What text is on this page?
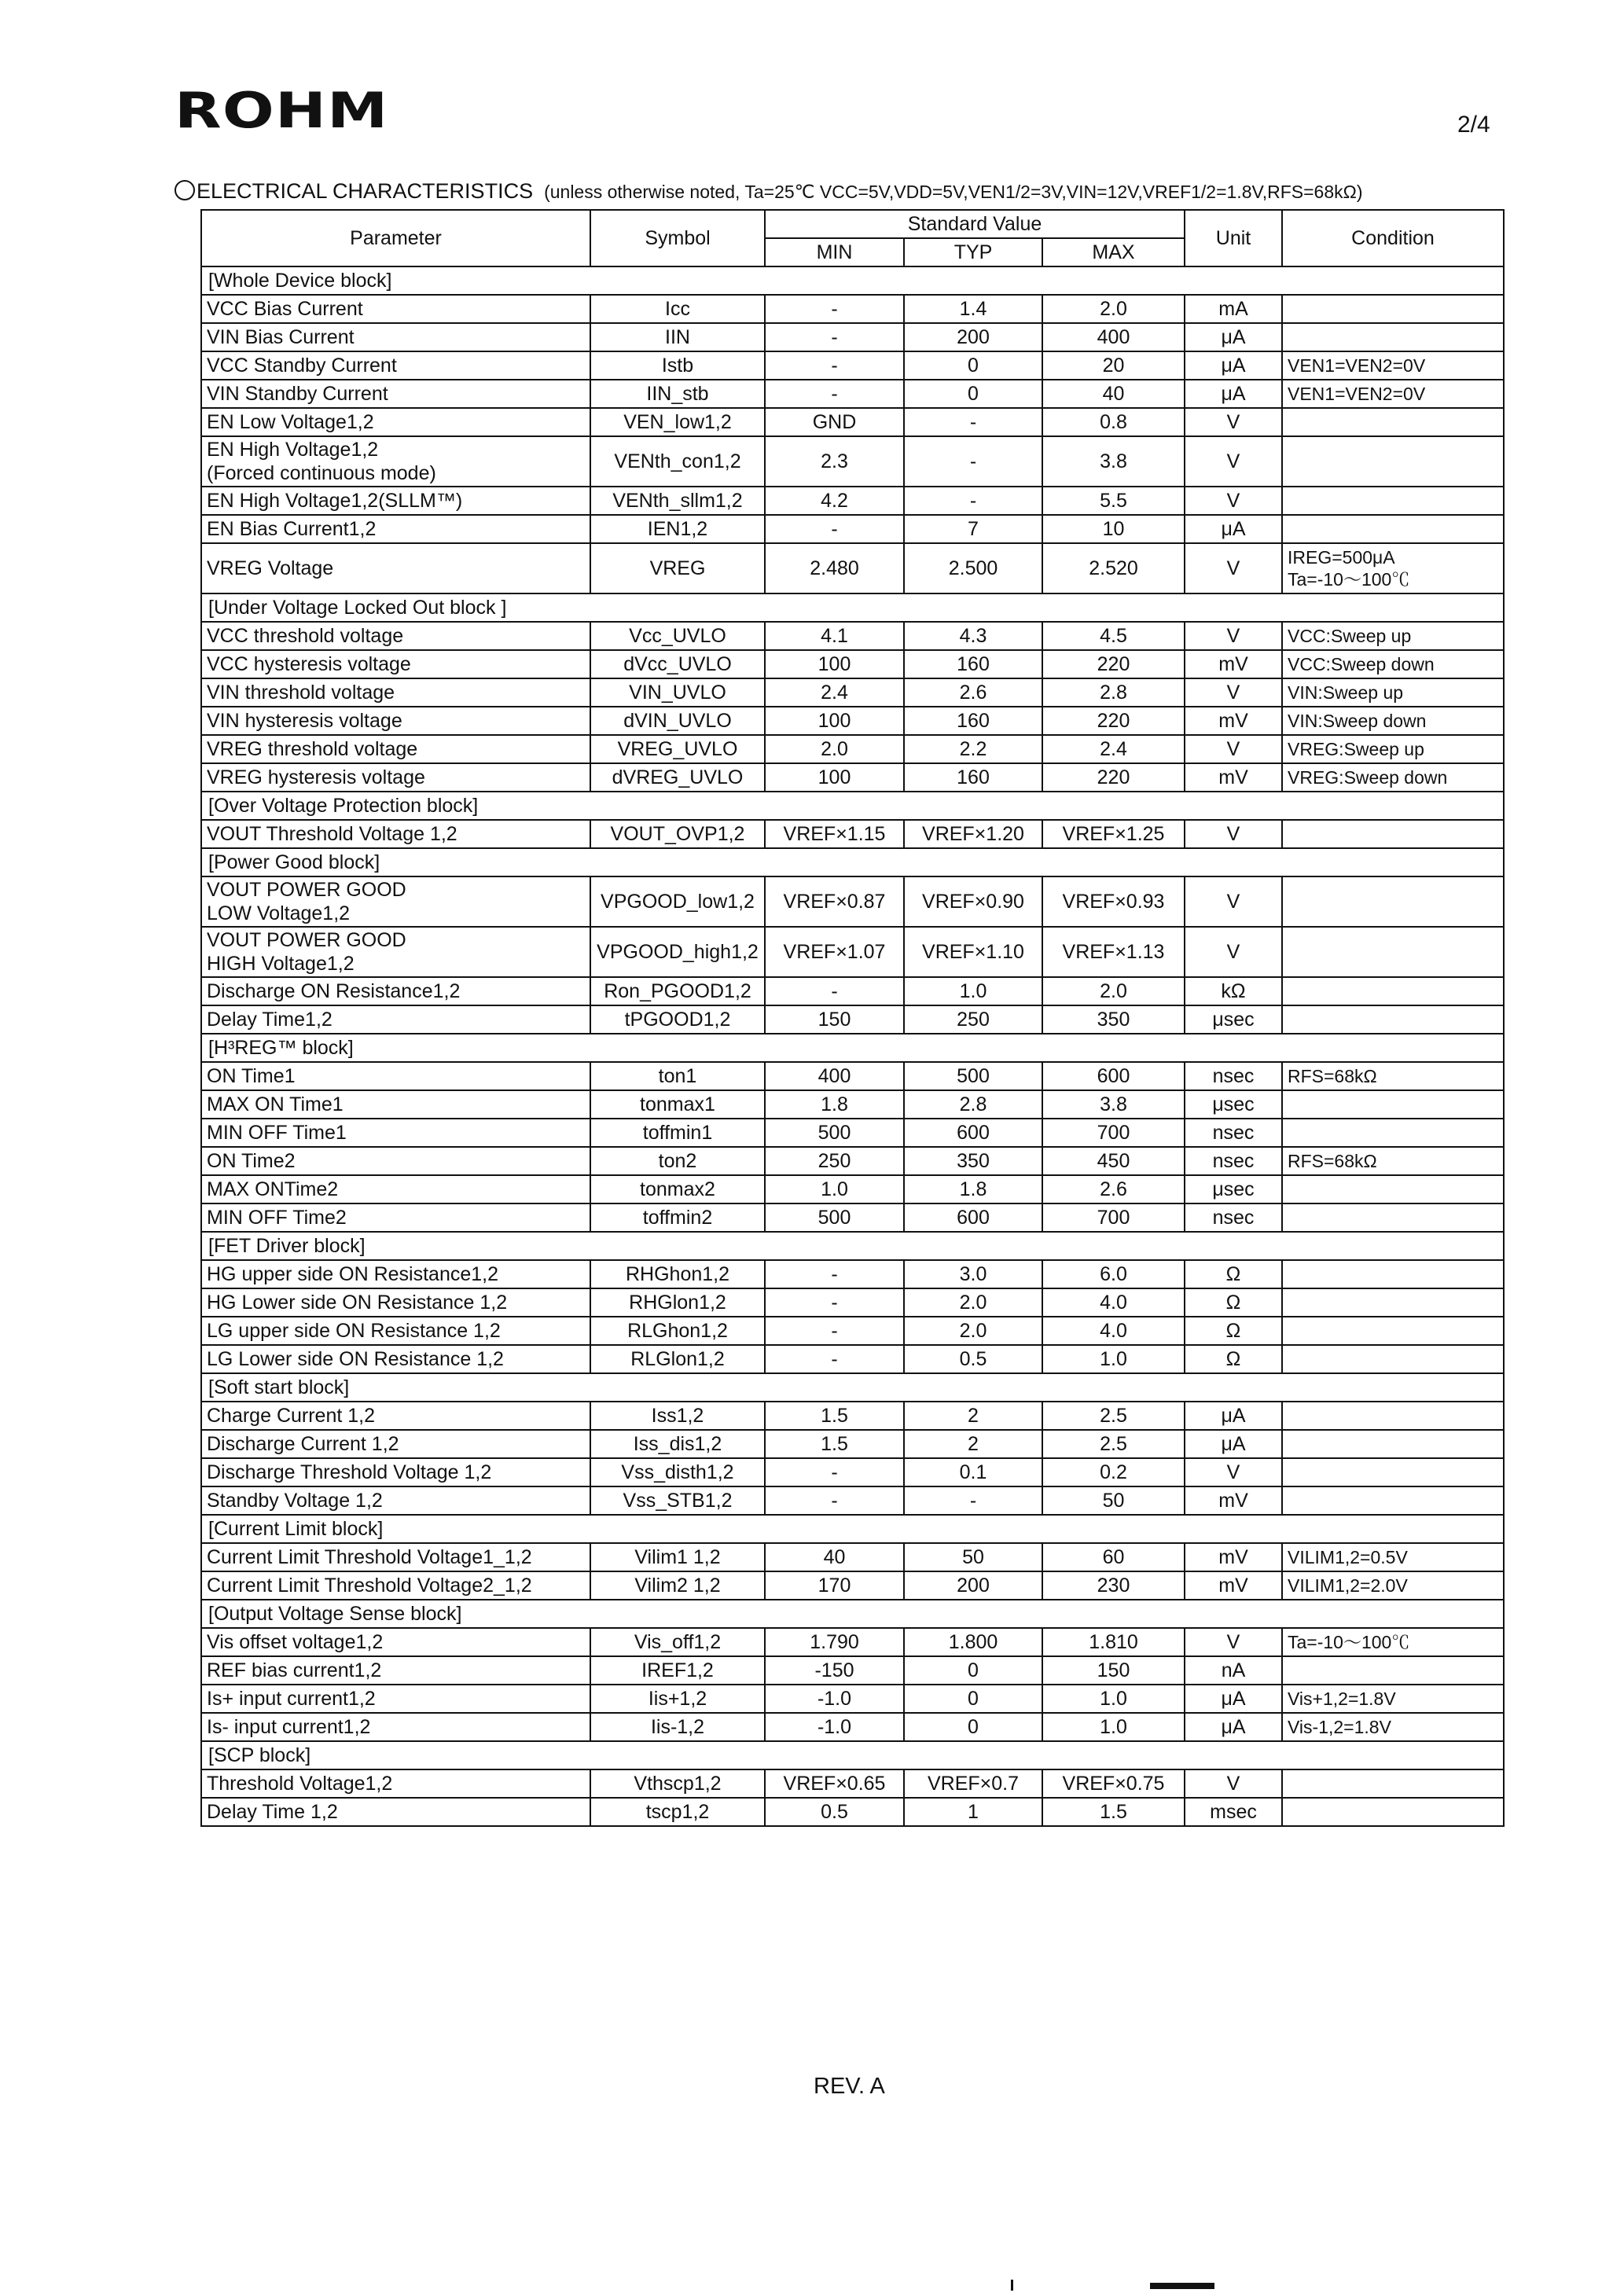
ROHM	2/4
ELECTRICAL CHARACTERISTICS (unless otherwise noted, Ta=25℃ VCC=5V,VDD=5V,VEN1/2=3V,VIN=12V,VREF1/2=1.8V,RFS=68kΩ)
Parameter	Symbol	Standard Value			Unit	Condition
		MIN	TYP	MAX		
[Whole Device block]						
VCC Bias Current	Icc	-	1.4	2.0	mA	
VIN Bias Current	IIN	-	200	400	μA	
VCC Standby Current	Istb	-	0	20	μA	VEN1=VEN2=0V
VIN Standby Current	IIN_stb	-	0	40	μA	VEN1=VEN2=0V
EN Low Voltage1,2	VEN_low1,2	GND	-	0.8	V	
EN High Voltage1,2
(Forced continuous mode)	VENth_con1,2	2.3	-	3.8	V	
EN High Voltage1,2(SLLM™)	VENth_sllm1,2	4.2	-	5.5	V	
EN Bias Current1,2	IEN1,2	-	7	10	μA	
VREG Voltage	VREG	2.480	2.500	2.520	V	IREG=500μA
Ta=-10～100℃
[Under Voltage Locked Out block ]						
VCC threshold voltage	Vcc_UVLO	4.1	4.3	4.5	V	VCC:Sweep up
VCC hysteresis voltage	dVcc_UVLO	100	160	220	mV	VCC:Sweep down
VIN threshold voltage	VIN_UVLO	2.4	2.6	2.8	V	VIN:Sweep up
VIN hysteresis voltage	dVIN_UVLO	100	160	220	mV	VIN:Sweep down
VREG threshold voltage	VREG_UVLO	2.0	2.2	2.4	V	VREG:Sweep up
VREG hysteresis voltage	dVREG_UVLO	100	160	220	mV	VREG:Sweep down
[Over Voltage Protection block]						
VOUT Threshold Voltage 1,2	VOUT_OVP1,2	VREF×1.15	VREF×1.20	VREF×1.25	V	
[Power Good block]						
VOUT POWER GOOD
LOW Voltage1,2	VPGOOD_low1,2	VREF×0.87	VREF×0.90	VREF×0.93	V	
VOUT POWER GOOD
HIGH Voltage1,2	VPGOOD_high1,2	VREF×1.07	VREF×1.10	VREF×1.13	V	
Discharge ON Resistance1,2	Ron_PGOOD1,2	-	1.0	2.0	kΩ	
Delay Time1,2	tPGOOD1,2	150	250	350	μsec	
[H³REG™ block]						
ON Time1	ton1	400	500	600	nsec	RFS=68kΩ
MAX ON Time1	tonmax1	1.8	2.8	3.8	μsec	
MIN OFF Time1	toffmin1	500	600	700	nsec	
ON Time2	ton2	250	350	450	nsec	RFS=68kΩ
MAX ONTime2	tonmax2	1.0	1.8	2.6	μsec	
MIN OFF Time2	toffmin2	500	600	700	nsec	
[FET Driver block]						
HG upper side ON Resistance1,2	RHGhon1,2	-	3.0	6.0	Ω	
HG Lower side ON Resistance 1,2	RHGlon1,2	-	2.0	4.0	Ω	
LG upper side ON Resistance 1,2	RLGhon1,2	-	2.0	4.0	Ω	
LG Lower side ON Resistance 1,2	RLGlon1,2	-	0.5	1.0	Ω	
[Soft start block]						
Charge Current 1,2	Iss1,2	1.5	2	2.5	μA	
Discharge Current 1,2	Iss_dis1,2	1.5	2	2.5	μA	
Discharge Threshold Voltage 1,2	Vss_disth1,2	-	0.1	0.2	V	
Standby Voltage 1,2	Vss_STB1,2	-	-	50	mV	
[Current Limit block]						
Current Limit Threshold Voltage1_1,2	Vilim1 1,2	40	50	60	mV	VILIM1,2=0.5V
Current Limit Threshold Voltage2_1,2	Vilim2 1,2	170	200	230	mV	VILIM1,2=2.0V
[Output Voltage Sense block]						
Vis offset voltage1,2	Vis_off1,2	1.790	1.800	1.810	V	Ta=-10～100℃
REF bias current1,2	IREF1,2	-150	0	150	nA	
Is+ input current1,2	Iis+1,2	-1.0	0	1.0	μA	Vis+1,2=1.8V
Is- input current1,2	Iis-1,2	-1.0	0	1.0	μA	Vis-1,2=1.8V
[SCP block]						
Threshold Voltage1,2	Vthscp1,2	VREF×0.65	VREF×0.7	VREF×0.75	V	
Delay Time 1,2	tscp1,2	0.5	1	1.5	msec	
REV. A
